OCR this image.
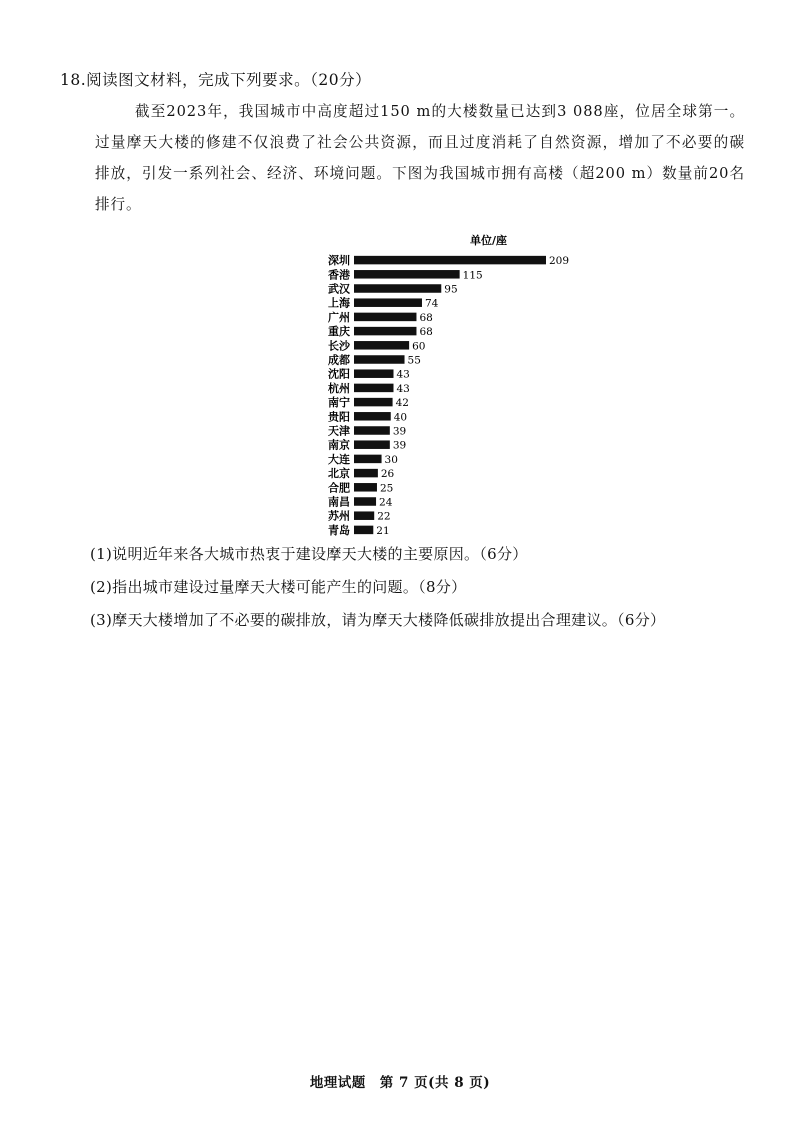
18.阅读图文材料，完成下列要求。（20分）

截至2023年，我国城市中高度超过150 m的大楼数量已达到3 088座，位居全球第一。过量摩天大楼的修建不仅浪费了社会公共资源，而且过度消耗了自然资源，增加了不必要的碳排放，引发一系列社会、经济、环境问题。下图为我国城市拥有高楼（超200 m）数量前20名排行。

单位/座
深圳	209
香港	115
武汉	95
上海	74
广州	68
重庆	68
长沙	60
成都	55
沈阳	43
杭州	43
南宁	42
贵阳	40
天津	39
南京	39
大连	30
北京	26
合肥	25
南昌	24
苏州	22
青岛	21
(1)说明近年来各大城市热衷于建设摩天大楼的主要原因。（6分）
(2)指出城市建设过量摩天大楼可能产生的问题。（8分）
(3)摩天大楼增加了不必要的碳排放，请为摩天大楼降低碳排放提出合理建议。（6分）
地理试题　第 7 页(共 8 页)
